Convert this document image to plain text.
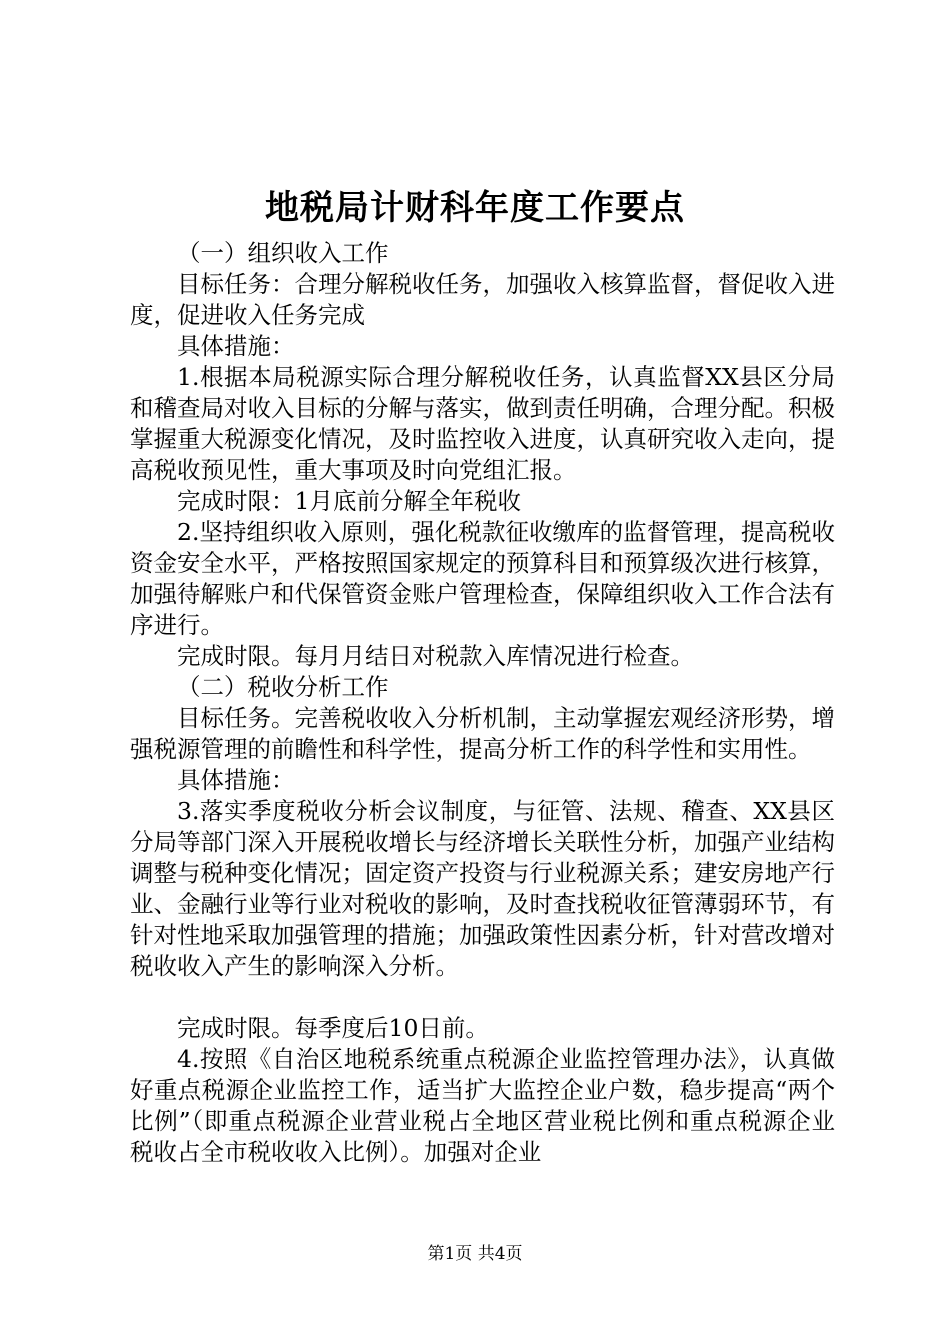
地税局计财科年度工作要点

（一）组织收入工作

目标任务：合理分解税收任务，加强收入核算监督，督促收入进度，促进收入任务完成

具体措施：

1.根据本局税源实际合理分解税收任务，认真监督XX县区分局和稽查局对收入目标的分解与落实，做到责任明确，合理分配。积极掌握重大税源变化情况，及时监控收入进度，认真研究收入走向，提高税收预见性，重大事项及时向党组汇报。

完成时限：1月底前分解全年税收

2.坚持组织收入原则，强化税款征收缴库的监督管理，提高税收资金安全水平，严格按照国家规定的预算科目和预算级次进行核算，加强待解账户和代保管资金账户管理检查，保障组织收入工作合法有序进行。

完成时限。每月月结日对税款入库情况进行检查。

（二）税收分析工作

目标任务。完善税收收入分析机制，主动掌握宏观经济形势，增强税源管理的前瞻性和科学性，提高分析工作的科学性和实用性。

具体措施：

3.落实季度税收分析会议制度，与征管、法规、稽查、XX县区分局等部门深入开展税收增长与经济增长关联性分析，加强产业结构调整与税种变化情况；固定资产投资与行业税源关系；建安房地产行业、金融行业等行业对税收的影响，及时查找税收征管薄弱环节，有针对性地采取加强管理的措施；加强政策性因素分析，针对营改增对税收收入产生的影响深入分析。

完成时限。每季度后10日前。

4.按照《自治区地税系统重点税源企业监控管理办法》，认真做好重点税源企业监控工作，适当扩大监控企业户数，稳步提高“两个比例”（即重点税源企业营业税占全地区营业税比例和重点税源企业税收占全市税收收入比例）。加强对企业

第1页 共4页
